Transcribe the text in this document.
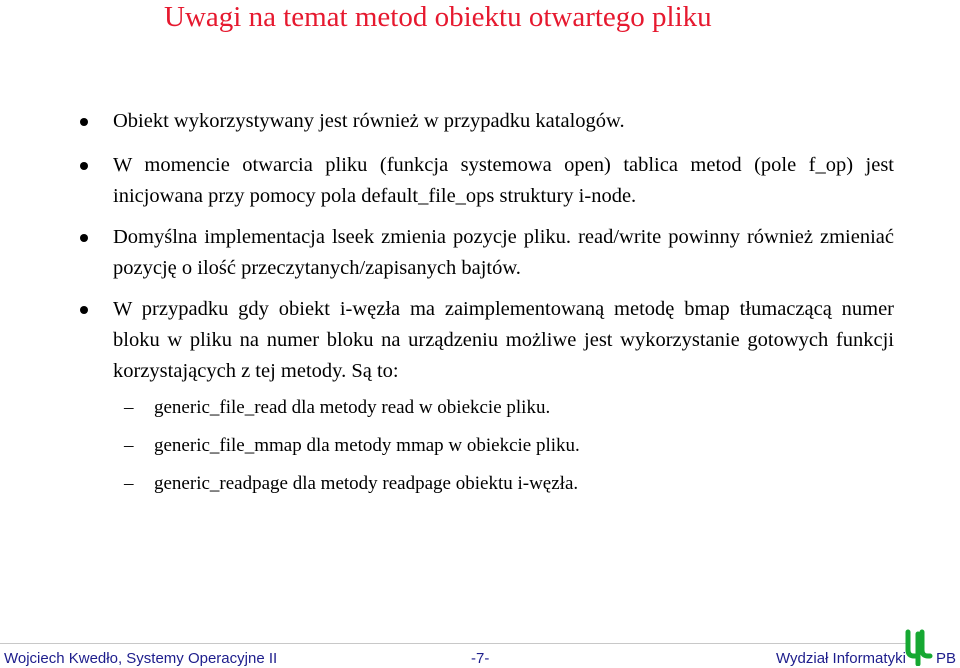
Uwagi na temat metod obiektu otwartego pliku
Obiekt wykorzystywany jest również w przypadku katalogów.
W momencie otwarcia pliku (funkcja systemowa open) tablica metod (pole f_op) jest inicjowana przy pomocy pola default_file_ops struktury i-node.
Domyślna implementacja lseek zmienia pozycje pliku. read/write powinny również zmieniać pozycję o ilość przeczytanych/zapisanych bajtów.
W przypadku gdy obiekt i-węzła ma zaimplementowaną metodę bmap tłumaczącą numer bloku w pliku na numer bloku na urządzeniu możliwe jest wykorzystanie gotowych funkcji korzystających z tej metody. Są to:
– generic_file_read dla metody read w obiekcie pliku.
– generic_file_mmap dla metody mmap w obiekcie pliku.
– generic_readpage dla metody readpage obiektu i-węzła.
Wojciech Kwedło, Systemy Operacyjne II	-7-	Wydział Informatyki PB
